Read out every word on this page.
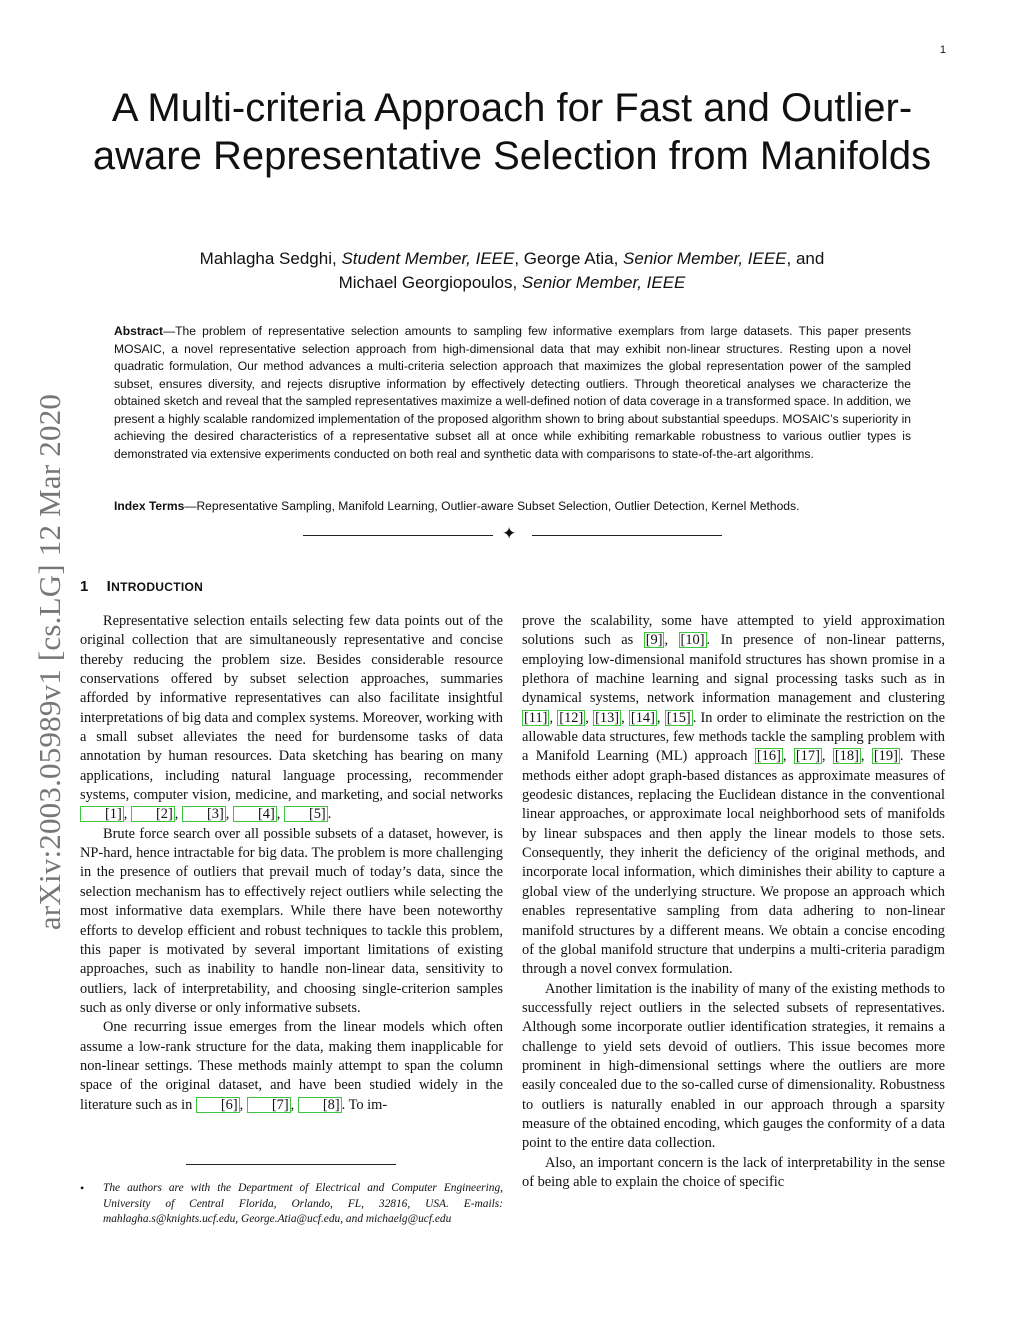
1
arXiv:2003.05989v1 [cs.LG] 12 Mar 2020
A Multi-criteria Approach for Fast and Outlier-aware Representative Selection from Manifolds
Mahlagha Sedghi, Student Member, IEEE, George Atia, Senior Member, IEEE, and
Michael Georgiopoulos, Senior Member, IEEE
Abstract—The problem of representative selection amounts to sampling few informative exemplars from large datasets. This paper presents MOSAIC, a novel representative selection approach from high-dimensional data that may exhibit non-linear structures. Resting upon a novel quadratic formulation, Our method advances a multi-criteria selection approach that maximizes the global representation power of the sampled subset, ensures diversity, and rejects disruptive information by effectively detecting outliers. Through theoretical analyses we characterize the obtained sketch and reveal that the sampled representatives maximize a well-defined notion of data coverage in a transformed space. In addition, we present a highly scalable randomized implementation of the proposed algorithm shown to bring about substantial speedups. MOSAIC’s superiority in achieving the desired characteristics of a representative subset all at once while exhibiting remarkable robustness to various outlier types is demonstrated via extensive experiments conducted on both real and synthetic data with comparisons to state-of-the-art algorithms.
Index Terms—Representative Sampling, Manifold Learning, Outlier-aware Subset Selection, Outlier Detection, Kernel Methods.
✦
1 INTRODUCTION

Representative selection entails selecting few data points out of the original collection that are simultaneously representative and concise thereby reducing the problem size. Besides considerable resource conservations offered by subset selection approaches, summaries afforded by informative representatives can also facilitate insightful interpretations of big data and complex systems. Moreover, working with a small subset alleviates the need for burdensome tasks of data annotation by human resources. Data sketching has bearing on many applications, including natural language processing, recommender systems, computer vision, medicine, and marketing, and social networks [1] , [2] , [3] , [4] , [5] .

Brute force search over all possible subsets of a dataset, however, is NP-hard, hence intractable for big data. The problem is more challenging in the presence of outliers that prevail much of today’s data, since the selection mechanism has to effectively reject outliers while selecting the most informative data exemplars. While there have been noteworthy efforts to develop efficient and robust techniques to tackle this problem, this paper is motivated by several important limitations of existing approaches, such as inability to handle non-linear data, sensitivity to outliers, lack of interpretability, and choosing single-criterion samples such as only diverse or only informative subsets.

One recurring issue emerges from the linear models which often assume a low-rank structure for the data, making them inapplicable for non-linear settings. These methods mainly attempt to span the column space of the original dataset, and have been studied widely in the literature such as in [6] , [7] , [8] . To im-

• The authors are with the Department of Electrical and Computer Engineering, University of Central Florida, Orlando, FL, 32816, USA. E-mails: mahlagha.s@knights.ucf.edu, George.Atia@ucf.edu, and michaelg@ucf.edu

prove the scalability, some have attempted to yield approximation solutions such as [9] , [10] . In presence of non-linear patterns, employing low-dimensional manifold structures has shown promise in a plethora of machine learning and signal processing tasks such as in dynamical systems, network information management and clustering [11] , [12] , [13] , [14] , [15] . In order to eliminate the restriction on the allowable data structures, few methods tackle the sampling problem with a Manifold Learning (ML) approach [16] , [17] , [18] , [19] . These methods either adopt graph-based distances as approximate measures of geodesic distances, replacing the Euclidean distance in the conventional linear approaches, or approximate local neighborhood sets of manifolds by linear subspaces and then apply the linear models to those sets. Consequently, they inherit the deficiency of the original methods, and incorporate local information, which diminishes their ability to capture a global view of the underlying structure. We propose an approach which enables representative sampling from data adhering to non-linear manifold structures by a different means. We obtain a concise encoding of the global manifold structure that underpins a multi-criteria paradigm through a novel convex formulation.

Another limitation is the inability of many of the existing methods to successfully reject outliers in the selected subsets of representatives. Although some incorporate outlier identification strategies, it remains a challenge to yield sets devoid of outliers. This issue becomes more prominent in high-dimensional settings where the outliers are more easily concealed due to the so-called curse of dimensionality. Robustness to outliers is naturally enabled in our approach through a sparsity measure of the obtained encoding, which gauges the conformity of a data point to the entire data collection.

Also, an important concern is the lack of interpretability in the sense of being able to explain the choice of specific
